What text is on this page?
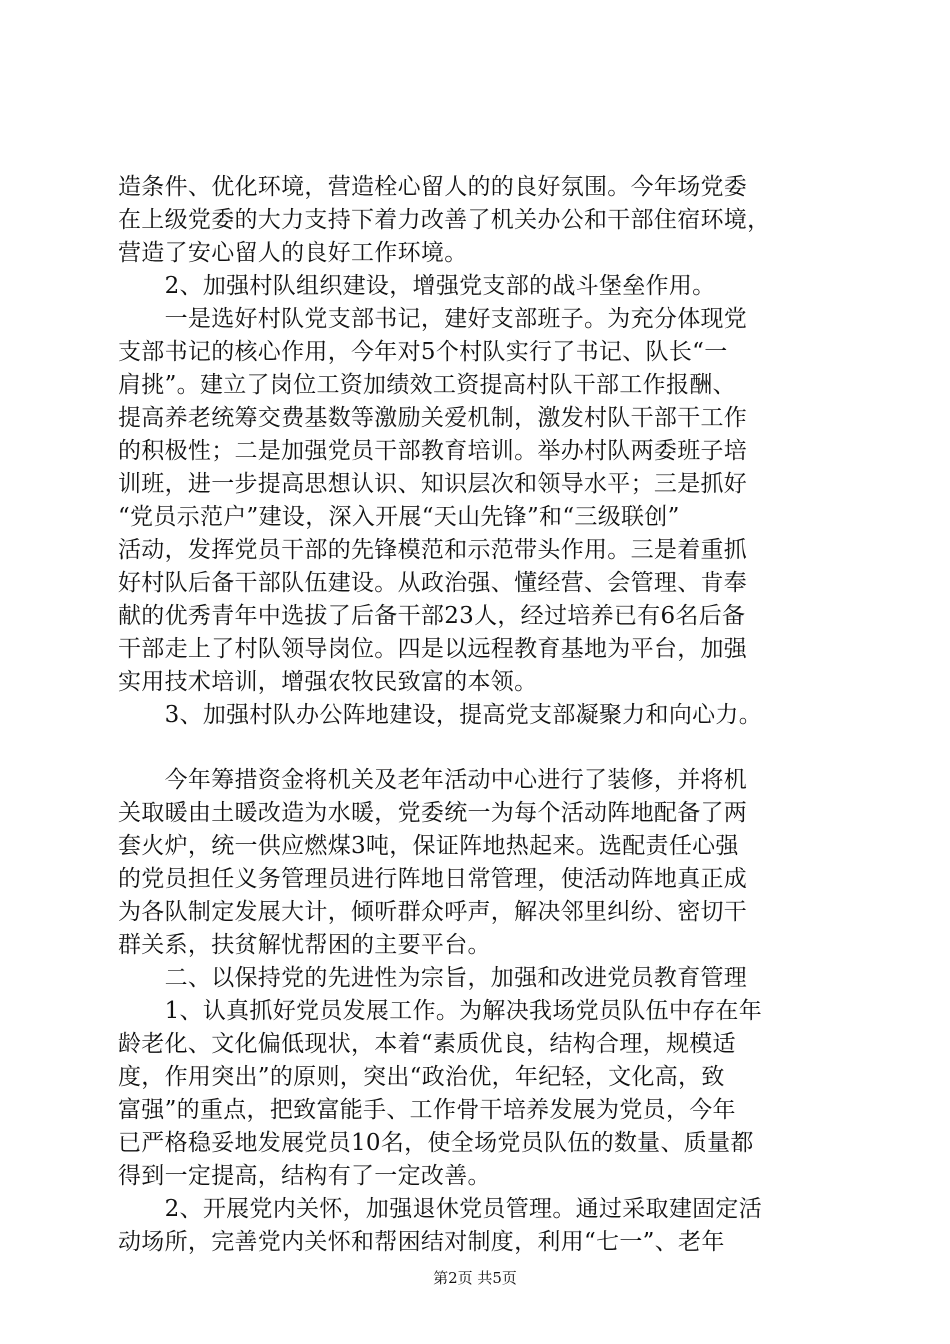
造条件、优化环境，营造栓心留人的的良好氛围。今年场党委
在上级党委的大力支持下着力改善了机关办公和干部住宿环境，
营造了安心留人的良好工作环境。
　　2、加强村队组织建设，增强党支部的战斗堡垒作用。
　　一是选好村队党支部书记，建好支部班子。为充分体现党
支部书记的核心作用，今年对5个村队实行了书记、队长“一
肩挑”。建立了岗位工资加绩效工资提高村队干部工作报酬、
提高养老统筹交费基数等激励关爱机制，激发村队干部干工作
的积极性；二是加强党员干部教育培训。举办村队两委班子培
训班，进一步提高思想认识、知识层次和领导水平；三是抓好
“党员示范户”建设，深入开展“天山先锋”和“三级联创”
活动，发挥党员干部的先锋模范和示范带头作用。三是着重抓
好村队后备干部队伍建设。从政治强、懂经营、会管理、肯奉
献的优秀青年中选拔了后备干部23人，经过培养已有6名后备
干部走上了村队领导岗位。四是以远程教育基地为平台，加强
实用技术培训，增强农牧民致富的本领。
　　3、加强村队办公阵地建设，提高党支部凝聚力和向心力。
　　今年筹措资金将机关及老年活动中心进行了装修，并将机
关取暖由土暖改造为水暖，党委统一为每个活动阵地配备了两
套火炉，统一供应燃煤3吨，保证阵地热起来。选配责任心强
的党员担任义务管理员进行阵地日常管理，使活动阵地真正成
为各队制定发展大计，倾听群众呼声，解决邻里纠纷、密切干
群关系，扶贫解忧帮困的主要平台。
　　二、以保持党的先进性为宗旨，加强和改进党员教育管理
　　1、认真抓好党员发展工作。为解决我场党员队伍中存在年
龄老化、文化偏低现状，本着“素质优良，结构合理，规模适
度，作用突出”的原则，突出“政治优，年纪轻，文化高，致
富强”的重点，把致富能手、工作骨干培养发展为党员，今年
已严格稳妥地发展党员10名，使全场党员队伍的数量、质量都
得到一定提高，结构有了一定改善。
　　2、开展党内关怀，加强退休党员管理。通过采取建固定活
动场所，完善党内关怀和帮困结对制度，利用“七一”、老年
第2页 共5页
